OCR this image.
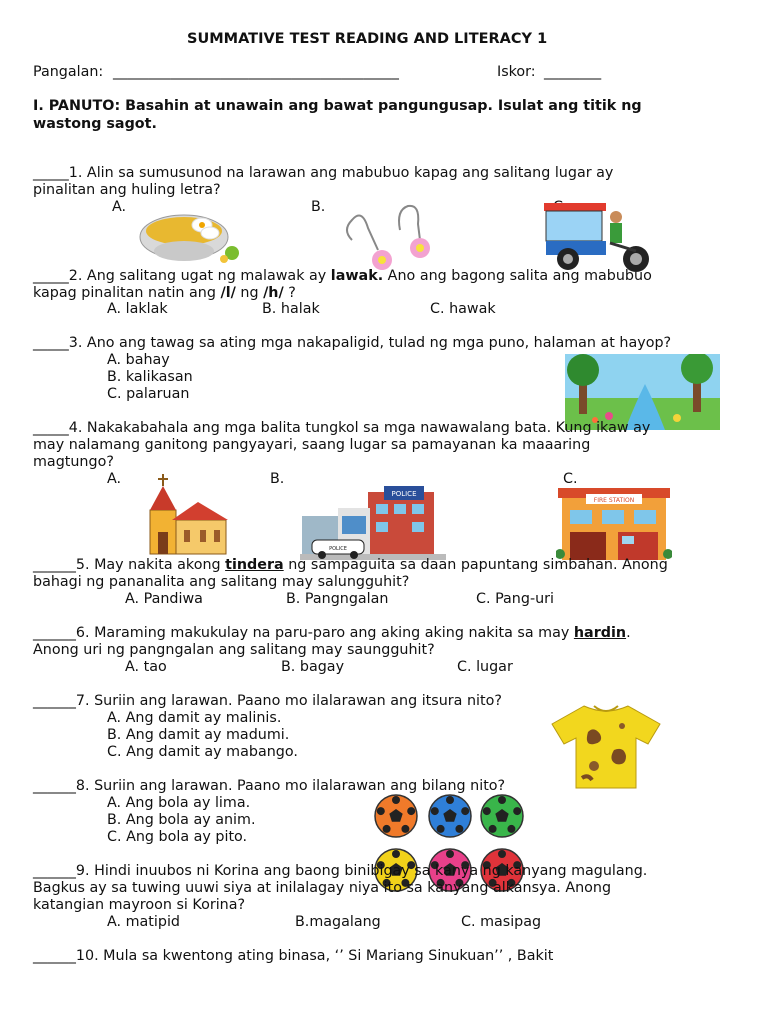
SUMMATIVE TEST READING AND LITERACY 1
Pangalan: ________________________________________	Iskor: ________
I. PANUTO: Basahin at unawain ang bawat pangungusap. Isulat ang titik ng
wastong sagot.
_____1. Alin sa sumusunod na larawan ang mabubuo kapag ang salitang lugar ay
pinalitan ang huling letra?
A.	B.
_____2. Ang salitang ugat ng malawak ay lawak. Ano ang bagong salita ang mabubuo
kapag pinalitan natin ang /l/ ng /h/ ?
A. laklak	B. halak	C. hawak
_____3. Ano ang tawag sa ating mga nakapaligid, tulad ng mga puno, halaman at hayop?
A. bahay
B. kalikasan
C. palaruan
_____4. Nakakabahala ang mga balita tungkol sa mga nawawalang bata. Kung ikaw ay
may nalamang ganitong pangyayari, saang lugar sa pamayanan ka maaaring
magtungo?
A.	B.	C.
POLICE
POLICE
FIRE STATION
______5. May nakita akong tindera ng sampaguita sa daan papuntang simbahan. Anong
bahagi ng pananalita ang salitang may salungguhit?
A. Pandiwa	B. Pangngalan	C. Pang-uri
______6. Maraming makukulay na paru-paro ang aking aking nakita sa may hardin.
Anong uri ng pangngalan ang salitang may saungguhit?
A. tao	B. bagay	C. lugar
______7. Suriin ang larawan. Paano mo ilalarawan ang itsura nito?
A. Ang damit ay malinis.
B. Ang damit ay madumi.
C. Ang damit ay mabango.
______8. Suriin ang larawan. Paano mo ilalarawan ang bilang nito?
A. Ang bola ay lima.
B. Ang bola ay anim.
C. Ang bola ay pito.
______9. Hindi inuubos ni Korina ang baong binibigay sa kanya ng kanyang magulang.
Bagkus ay sa tuwing uuwi siya at inilalagay niya ito sa kanyang alkansya. Anong
katangian mayroon si Korina?
A. matipid	B.magalang	C. masipag
______10. Mula sa kwentong ating binasa, ‘’ Si Mariang Sinukuan’’ , Bakit
